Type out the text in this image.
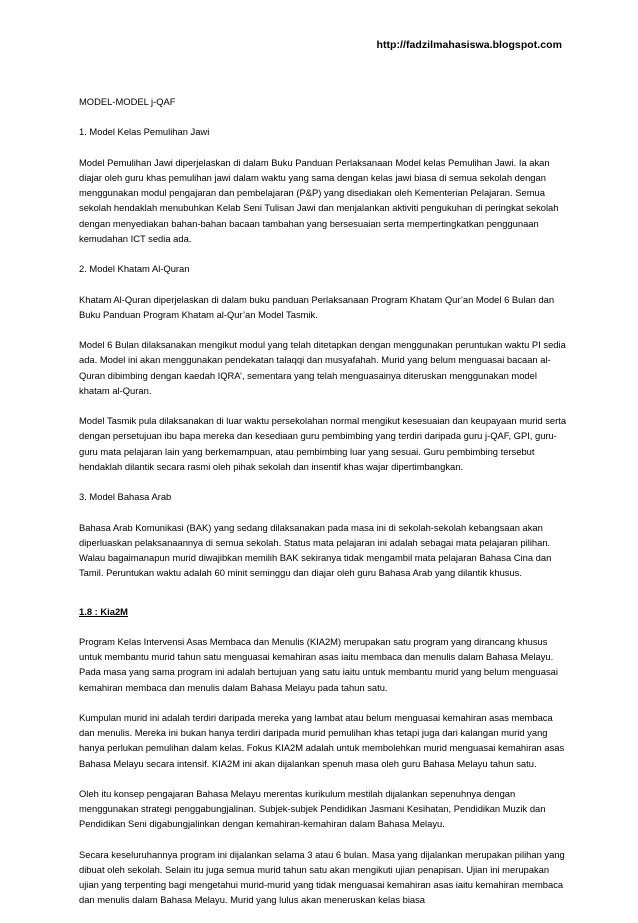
http://fadzilmahasiswa.blogspot.com

MODEL-MODEL j-QAF

1. Model Kelas Pemulihan Jawi

Model Pemulihan Jawi diperjelaskan di dalam Buku Panduan Perlaksanaan Model kelas Pemulihan Jawi. Ia akan diajar oleh guru khas pemulihan jawi dalam waktu yang sama dengan kelas jawi biasa di semua sekolah dengan menggunakan modul pengajaran dan pembelajaran (P&P) yang disediakan oleh Kementerian Pelajaran. Semua sekolah hendaklah menubuhkan Kelab Seni Tulisan Jawi dan menjalankan aktiviti pengukuhan di peringkat sekolah dengan menyediakan bahan-bahan bacaan tambahan yang bersesuaian serta mempertingkatkan penggunaan kemudahan ICT sedia ada.

2. Model Khatam Al-Quran

Khatam Al-Quran diperjelaskan di dalam buku panduan Perlaksanaan Program Khatam Qur’an Model 6 Bulan dan Buku Panduan Program Khatam al-Qur’an Model Tasmik.

Model 6 Bulan dilaksanakan mengikut modul yang telah ditetapkan dengan menggunakan peruntukan waktu PI sedia ada. Model ini akan menggunakan pendekatan talaqqi dan musyafahah. Murid yang belum menguasai bacaan al-Quran dibimbing dengan kaedah IQRA’, sementara yang telah menguasainya diteruskan menggunakan model khatam al-Quran.

Model Tasmik pula dilaksanakan di luar waktu persekolahan normal mengikut kesesuaian dan keupayaan murid serta dengan persetujuan ibu bapa mereka dan kesediaan guru pembimbing yang terdiri daripada guru j-QAF, GPI, guru-guru mata pelajaran lain yang berkemampuan, atau pembimbing luar yang sesuai. Guru pembimbing tersebut hendaklah dilantik secara rasmi oleh pihak sekolah dan insentif khas wajar dipertimbangkan.

3. Model Bahasa Arab

Bahasa Arab Komunikasi (BAK) yang sedang dilaksanakan pada masa ini di sekolah-sekolah kebangsaan akan diperluaskan pelaksanaannya di semua sekolah. Status mata pelajaran ini adalah sebagai mata pelajaran pilihan. Walau bagaimanapun murid diwajibkan memilih BAK sekiranya tidak mengambil mata pelajaran Bahasa Cina dan Tamil. Peruntukan waktu adalah 60 minit seminggu dan diajar oleh guru Bahasa Arab yang dilantik khusus.

1.8 : Kia2M

Program Kelas Intervensi Asas Membaca dan Menulis (KIA2M) merupakan satu program yang dirancang khusus untuk membantu murid tahun satu menguasai kemahiran asas iaitu membaca dan menulis dalam Bahasa Melayu. Pada masa yang sama program ini adalah bertujuan yang satu iaitu untuk membantu murid yang belum menguasai kemahiran membaca dan menulis dalam Bahasa Melayu pada tahun satu.

Kumpulan murid ini adalah terdiri daripada mereka yang lambat atau belum menguasai kemahiran asas membaca dan menulis. Mereka ini bukan hanya terdiri daripada murid pemulihan khas tetapi juga dari kalangan murid yang hanya perlukan pemulihan dalam kelas. Fokus KIA2M adalah untuk membolehkan murid menguasai kemahiran asas Bahasa Melayu secara intensif. KIA2M ini akan dijalankan spenuh masa oleh guru Bahasa Melayu tahun satu.

Oleh itu konsep pengajaran Bahasa Melayu merentas kurikulum mestilah dijalankan sepenuhnya dengan menggunakan strategi penggabungjalinan. Subjek-subjek Pendidikan Jasmani Kesihatan, Pendidikan Muzik dan Pendidikan Seni digabungjalinkan dengan kemahiran-kemahiran dalam Bahasa Melayu.

Secara keseluruhannya program ini dijalankan selama 3 atau 6 bulan. Masa yang dijalankan merupakan pilihan yang dibuat oleh sekolah. Selain itu juga semua murid tahun satu akan mengikuti ujian penapisan. Ujian ini merupakan ujian yang terpenting bagi mengetahui murid-murid yang tidak menguasai kemahiran asas iaitu kemahiran membaca dan menulis dalam Bahasa Melayu. Murid yang lulus akan meneruskan kelas biasa
